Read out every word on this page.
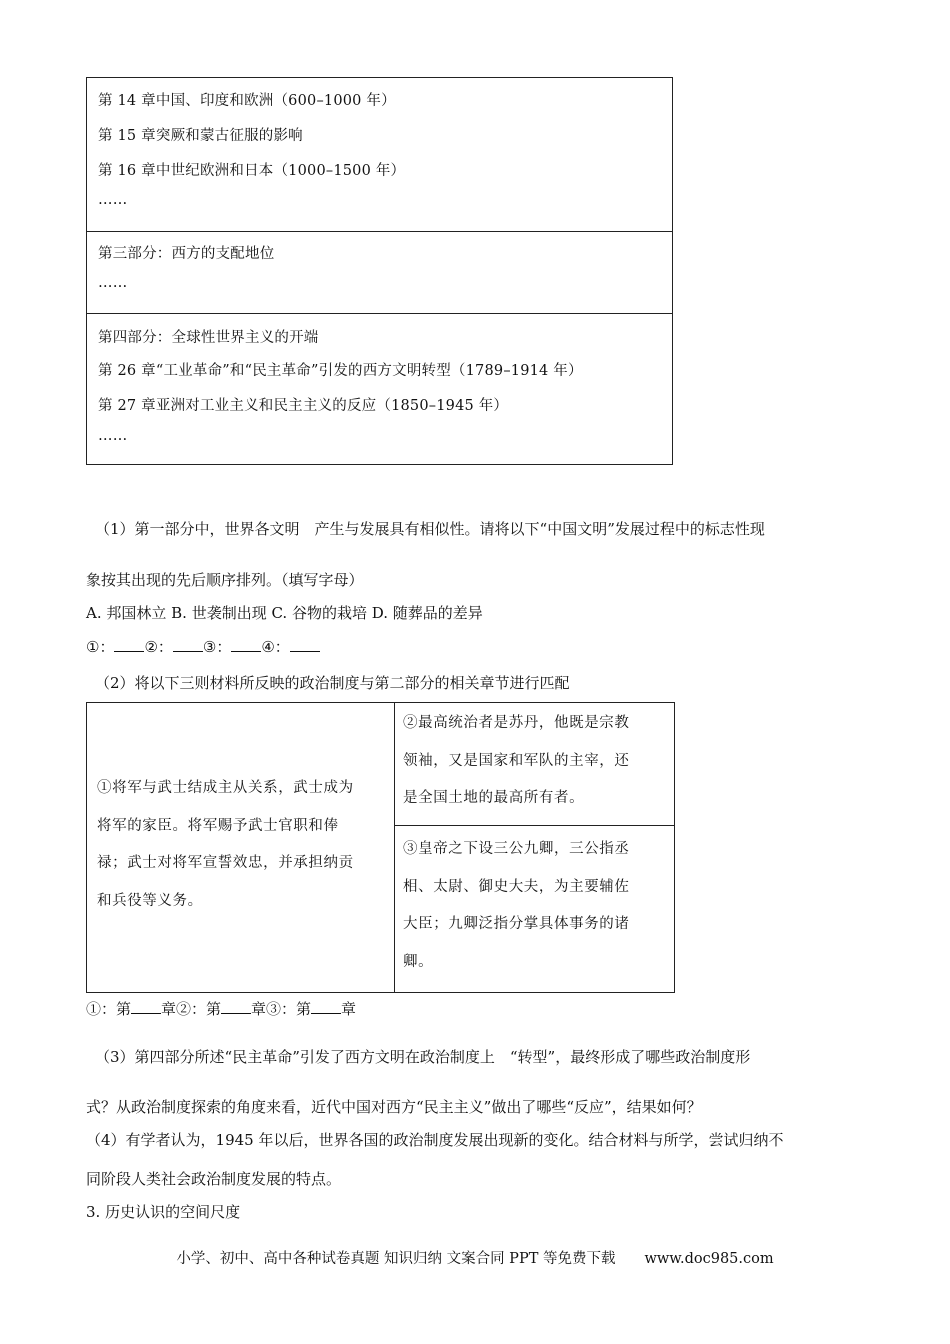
第 14 章中国、印度和欧洲（600–1000 年）
第 15 章突厥和蒙古征服的影响
第 16 章中世纪欧洲和日本（1000–1500 年）
……
第三部分：西方的支配地位
……
第四部分：全球性世界主义的开端
第 26 章“工业革命”和“民主革命”引发的西方文明转型（1789–1914 年）
第 27 章亚洲对工业主义和民主主义的反应（1850–1945 年）
……
（1）第一部分中，世界各文明　产生与发展具有相似性。请将以下“中国文明”发展过程中的标志性现
象按其出现的先后顺序排列。（填写字母）
A. 邦国林立 B. 世袭制出现 C. 谷物的栽培 D. 随葬品的差异
①： ②： ③： ④：
（2）将以下三则材料所反映的政治制度与第二部分的相关章节进行匹配
①将军与武士结成主从关系，武士成为
将军的家臣。将军赐予武士官职和俸
禄；武士对将军宣誓效忠，并承担纳贡
和兵役等义务。
②最高统治者是苏丹，他既是宗教
领袖，又是国家和军队的主宰，还
是全国土地的最高所有者。
③皇帝之下设三公九卿，三公指丞
相、太尉、御史大夫，为主要辅佐
大臣；九卿泛指分掌具体事务的诸
卿。
①：第 章②：第 章③：第 章
（3）第四部分所述“民主革命”引发了西方文明在政治制度上　“转型”，最终形成了哪些政治制度形
式？从政治制度探索的角度来看，近代中国对西方“民主主义”做出了哪些“反应”，结果如何？
（4）有学者认为，1945 年以后，世界各国的政治制度发展出现新的变化。结合材料与所学，尝试归纳不
同阶段人类社会政治制度发展的特点。
3. 历史认识的空间尺度
小学、初中、高中各种试卷真题 知识归纳 文案合同 PPT 等免费下载　　www.doc985.com
